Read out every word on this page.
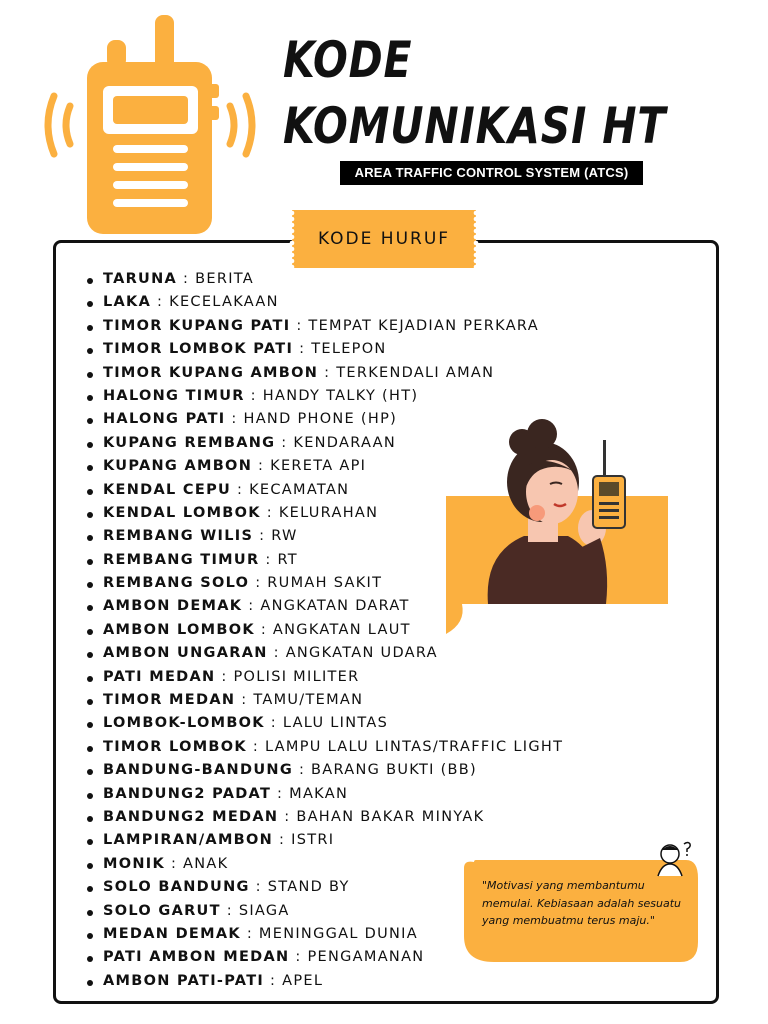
KODE
KOMUNIKASI HT
AREA TRAFFIC CONTROL SYSTEM (ATCS)
KODE HURUF
TARUNA : BERITA
LAKA : KECELAKAAN
TIMOR KUPANG PATI : TEMPAT KEJADIAN PERKARA
TIMOR LOMBOK PATI : TELEPON
TIMOR KUPANG AMBON : TERKENDALI AMAN
HALONG TIMUR : HANDY TALKY (HT)
HALONG PATI : HAND PHONE (HP)
KUPANG REMBANG : KENDARAAN
KUPANG AMBON : KERETA API
KENDAL CEPU : KECAMATAN
KENDAL LOMBOK : KELURAHAN
REMBANG WILIS : RW
REMBANG TIMUR : RT
REMBANG SOLO : RUMAH SAKIT
AMBON DEMAK : ANGKATAN DARAT
AMBON LOMBOK : ANGKATAN LAUT
AMBON UNGARAN : ANGKATAN UDARA
PATI MEDAN : POLISI MILITER
TIMOR MEDAN : TAMU/TEMAN
LOMBOK-LOMBOK : LALU LINTAS
TIMOR LOMBOK : LAMPU LALU LINTAS/TRAFFIC LIGHT
BANDUNG-BANDUNG : BARANG BUKTI (BB)
BANDUNG2 PADAT : MAKAN
BANDUNG2 MEDAN : BAHAN BAKAR MINYAK
LAMPIRAN/AMBON : ISTRI
MONIK : ANAK
SOLO BANDUNG : STAND BY
SOLO GARUT : SIAGA
MEDAN DEMAK : MENINGGAL DUNIA
PATI AMBON MEDAN : PENGAMANAN
AMBON PATI-PATI : APEL
"Motivasi yang membantumu memulai. Kebiasaan adalah sesuatu yang membuatmu terus maju."
